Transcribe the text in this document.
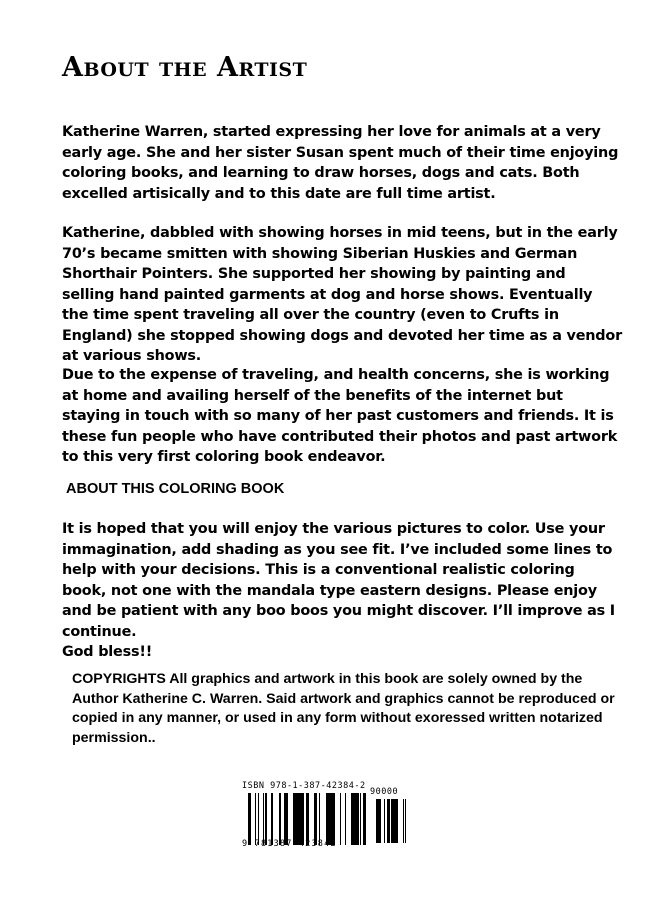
About the Artist

Katherine Warren, started expressing her love for animals at a very early age. She and her sister Susan spent much of their time enjoying coloring books, and learning to draw horses, dogs and cats. Both excelled artisically and to this date are full time artist.

Katherine, dabbled with showing horses in mid teens, but in the early 70’s became smitten with showing Siberian Huskies and German Shorthair Pointers. She supported her showing by painting and selling hand painted garments at dog and horse shows. Eventually the time spent traveling all over the country (even to Crufts in England) she stopped showing dogs and devoted her time as a vendor at various shows.

Due to the expense of traveling, and health concerns, she is working at home and availing herself of the benefits of the internet but staying in touch with so many of her past customers and friends. It is these fun people who have contributed their photos and past artwork to this very first coloring book endeavor.

ABOUT THIS COLORING BOOK

It is hoped that you will enjoy the various pictures to color. Use your immagination, add shading as you see fit. I’ve included some lines to help with your decisions. This is a conventional realistic coloring book, not one with the mandala type eastern designs. Please enjoy and be patient with any boo boos you might discover. I’ll improve as I continue.

God bless!!

COPYRIGHTS All graphics and artwork in this book are solely owned by the Author Katherine C. Warren. Said artwork and graphics cannot be reproduced or copied in any manner, or used in any form without exoressed written notarized permission..

ISBN 978-1-387-42384-2
90000
9 781387 423842
